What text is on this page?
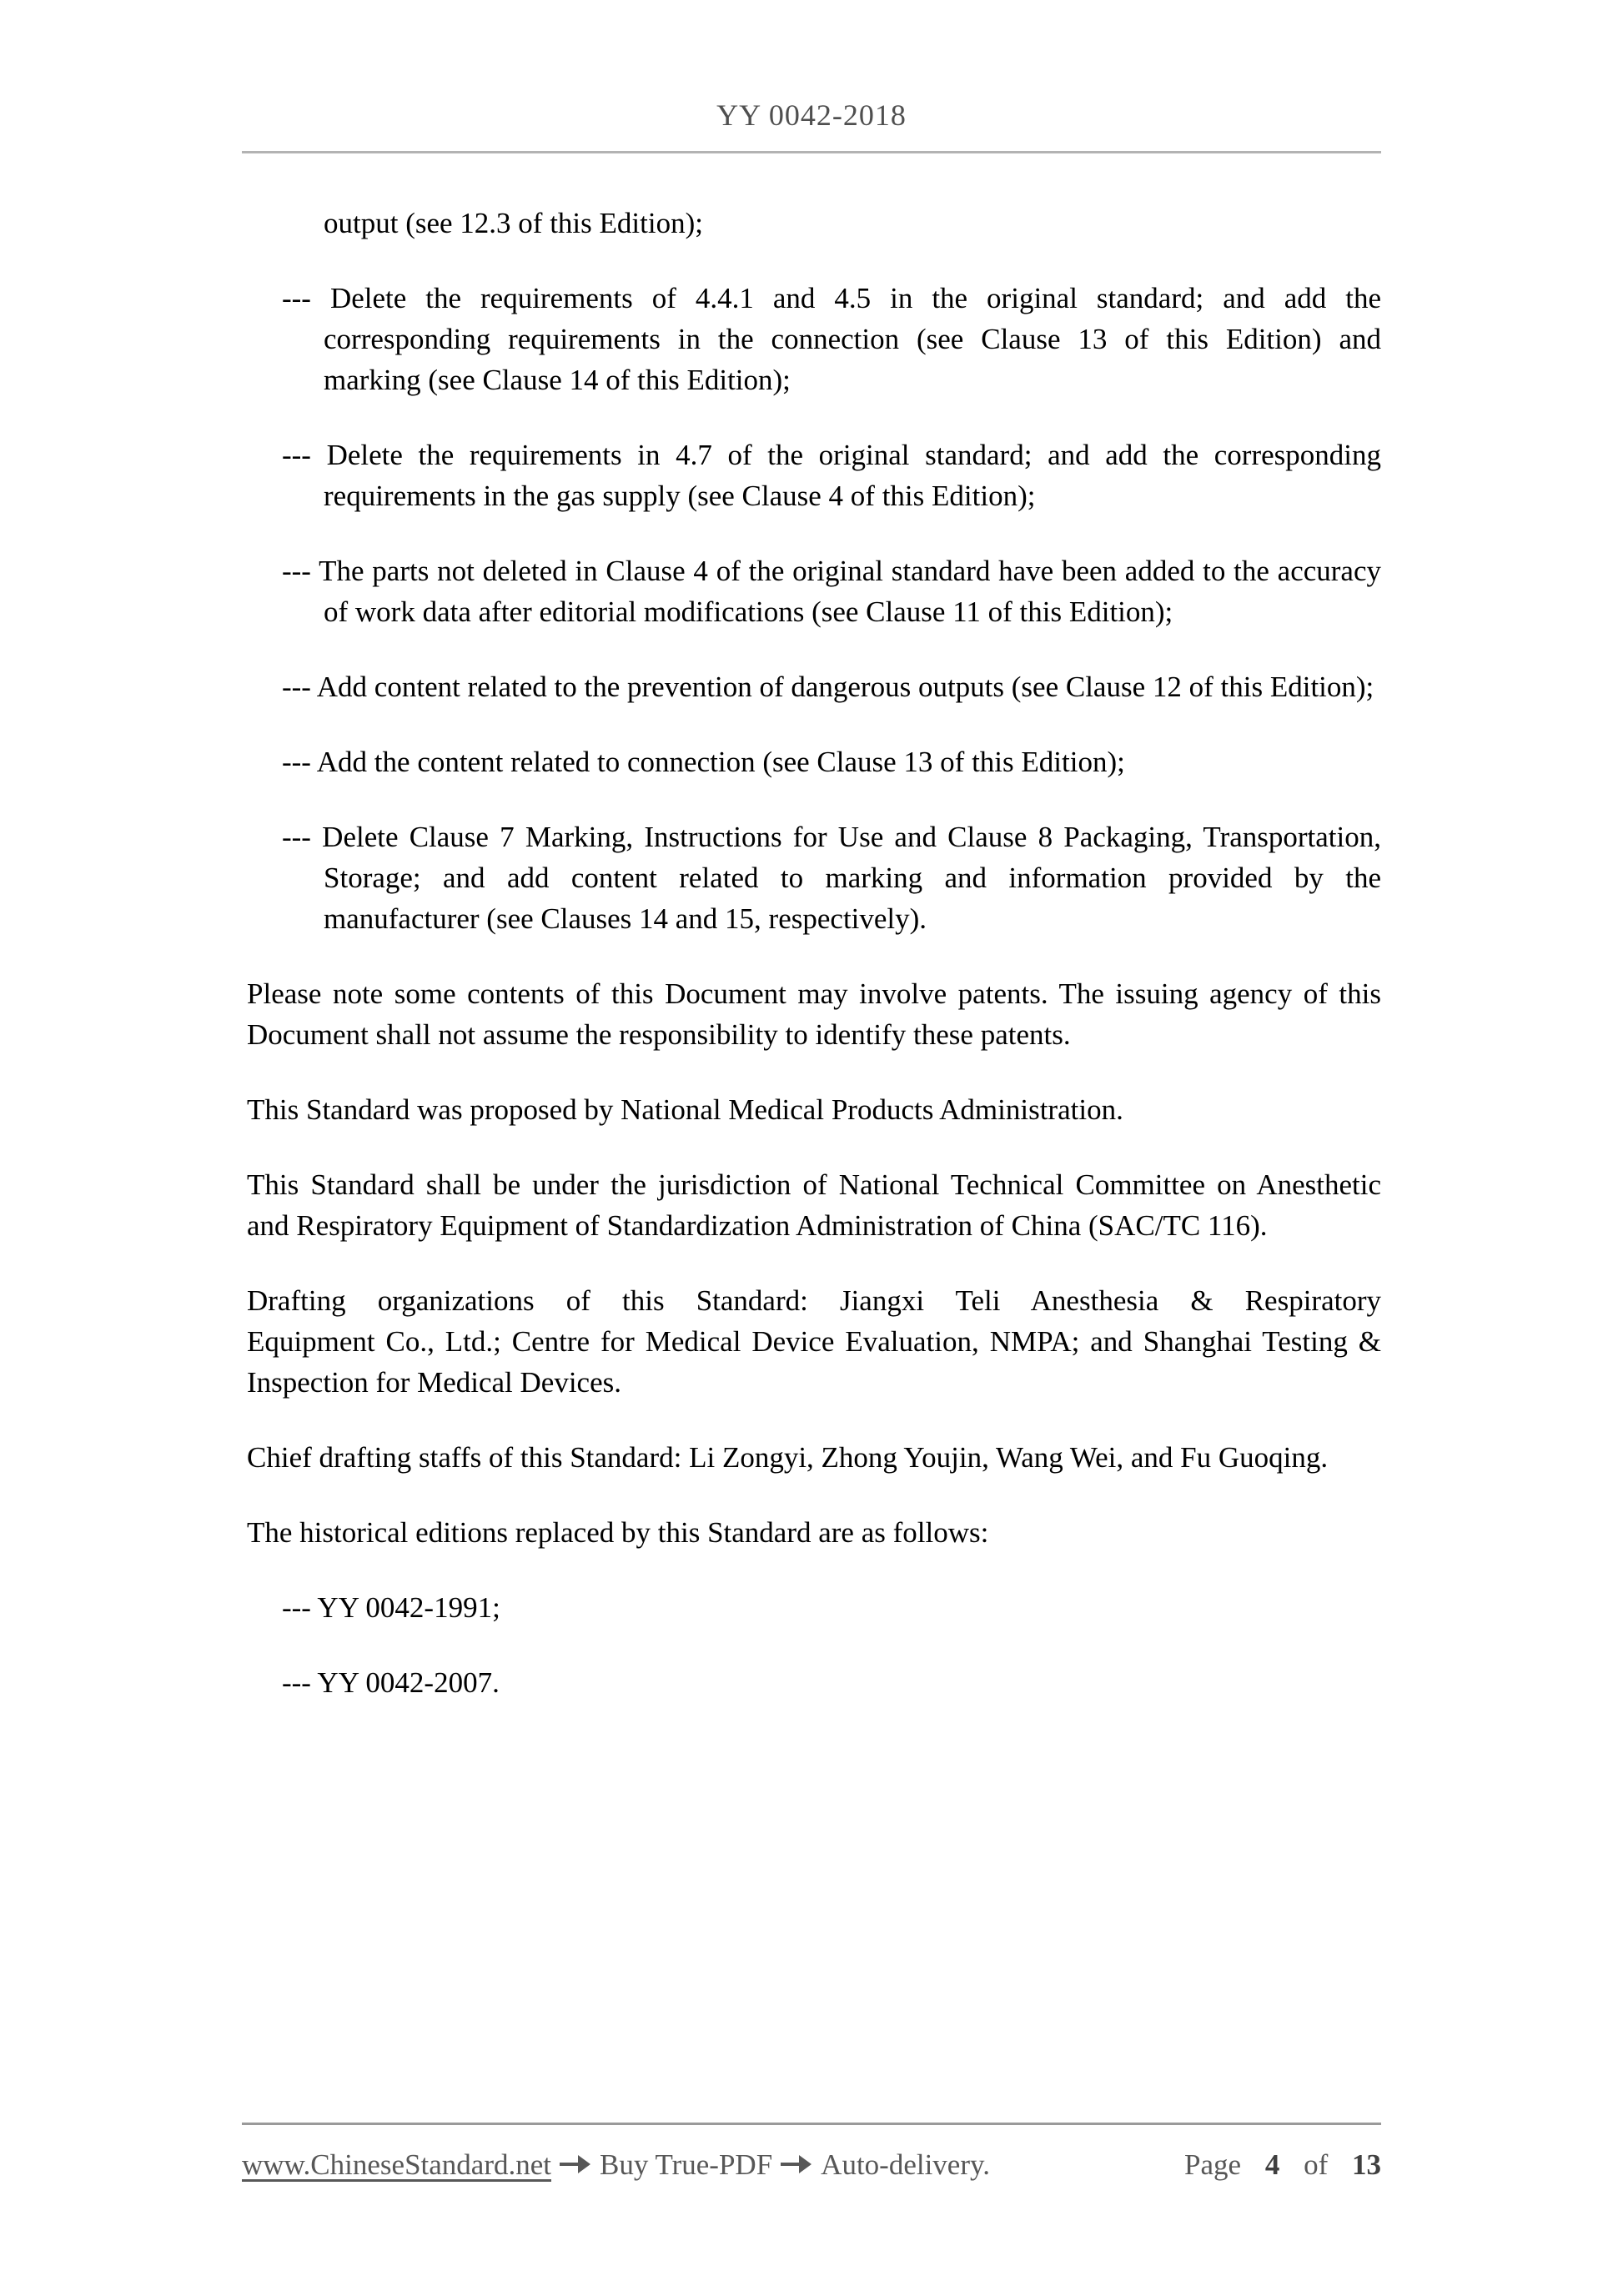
YY 0042-2018
output (see 12.3 of this Edition);
--- Delete the requirements of 4.4.1 and 4.5 in the original standard; and add the
corresponding requirements in the connection (see Clause 13 of this Edition) and
marking (see Clause 14 of this Edition);
--- Delete the requirements in 4.7 of the original standard; and add the corresponding
requirements in the gas supply (see Clause 4 of this Edition);
--- The parts not deleted in Clause 4 of the original standard have been added to the accuracy
of work data after editorial modifications (see Clause 11 of this Edition);
--- Add content related to the prevention of dangerous outputs (see Clause 12 of this Edition);
--- Add the content related to connection (see Clause 13 of this Edition);
--- Delete Clause 7 Marking, Instructions for Use and Clause 8 Packaging, Transportation,
Storage; and add content related to marking and information provided by the
manufacturer (see Clauses 14 and 15, respectively).
Please note some contents of this Document may involve patents. The issuing agency of this
Document shall not assume the responsibility to identify these patents.
This Standard was proposed by National Medical Products Administration.
This Standard shall be under the jurisdiction of National Technical Committee on Anesthetic
and Respiratory Equipment of Standardization Administration of China (SAC/TC 116).
Drafting organizations of this Standard: Jiangxi Teli Anesthesia & Respiratory
Equipment Co., Ltd.; Centre for Medical Device Evaluation, NMPA; and Shanghai Testing &
Inspection for Medical Devices.
Chief drafting staffs of this Standard: Li Zongyi, Zhong Youjin, Wang Wei, and Fu Guoqing.
The historical editions replaced by this Standard are as follows:
--- YY 0042-1991;
--- YY 0042-2007.
www.ChineseStandard.net Buy True-PDF Auto-delivery.	Page 4 of 13
